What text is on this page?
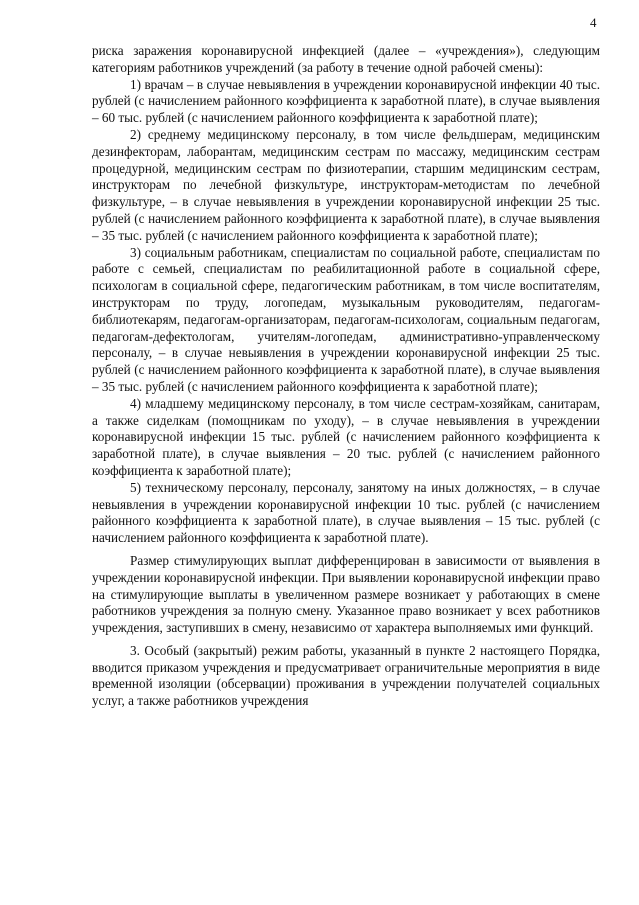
4

риска заражения коронавирусной инфекцией (далее – «учреждения»), следующим категориям работников учреждений (за работу в течение одной рабочей смены):

1) врачам – в случае невыявления в учреждении коронавирусной инфекции 40 тыс. рублей (с начислением районного коэффициента к заработной плате), в случае выявления – 60 тыс. рублей (с начислением районного коэффициента к заработной плате);

2) среднему медицинскому персоналу, в том числе фельдшерам, медицинским дезинфекторам, лаборантам, медицинским сестрам по массажу, медицинским сестрам процедурной, медицинским сестрам по физиотерапии, старшим медицинским сестрам, инструкторам по лечебной физкультуре, инструкторам-методистам по лечебной физкультуре, – в случае невыявления в учреждении коронавирусной инфекции 25 тыс. рублей (с начислением районного коэффициента к заработной плате), в случае выявления – 35 тыс. рублей (с начислением районного коэффициента к заработной плате);

3) социальным работникам, специалистам по социальной работе, специалистам по работе с семьей, специалистам по реабилитационной работе в социальной сфере, психологам в социальной сфере, педагогическим работникам, в том числе воспитателям, инструкторам по труду, логопедам, музыкальным руководителям, педагогам-библиотекарям, педагогам-организаторам, педагогам-психологам, социальным педагогам, педагогам-дефектологам, учителям-логопедам, административно-управленческому персоналу, – в случае невыявления в учреждении коронавирусной инфекции 25 тыс. рублей (с начислением районного коэффициента к заработной плате), в случае выявления – 35 тыс. рублей (с начислением районного коэффициента к заработной плате);

4) младшему медицинскому персоналу, в том числе сестрам-хозяйкам, санитарам, а также сиделкам (помощникам по уходу), – в случае невыявления в учреждении коронавирусной инфекции 15 тыс. рублей (с начислением районного коэффициента к заработной плате), в случае выявления – 20 тыс. рублей (с начислением районного коэффициента к заработной плате);

5) техническому персоналу, персоналу, занятому на иных должностях, – в случае невыявления в учреждении коронавирусной инфекции 10 тыс. рублей (с начислением районного коэффициента к заработной плате), в случае выявления – 15 тыс. рублей (с начислением районного коэффициента к заработной плате).

Размер стимулирующих выплат дифференцирован в зависимости от выявления в учреждении коронавирусной инфекции. При выявлении коронавирусной инфекции право на стимулирующие выплаты в увеличенном размере возникает у работающих в смене работников учреждения за полную смену. Указанное право возникает у всех работников учреждения, заступивших в смену, независимо от характера выполняемых ими функций.

3. Особый (закрытый) режим работы, указанный в пункте 2 настоящего Порядка, вводится приказом учреждения и предусматривает ограничительные мероприятия в виде временной изоляции (обсервации) проживания в учреждении получателей социальных услуг, а также работников учреждения
